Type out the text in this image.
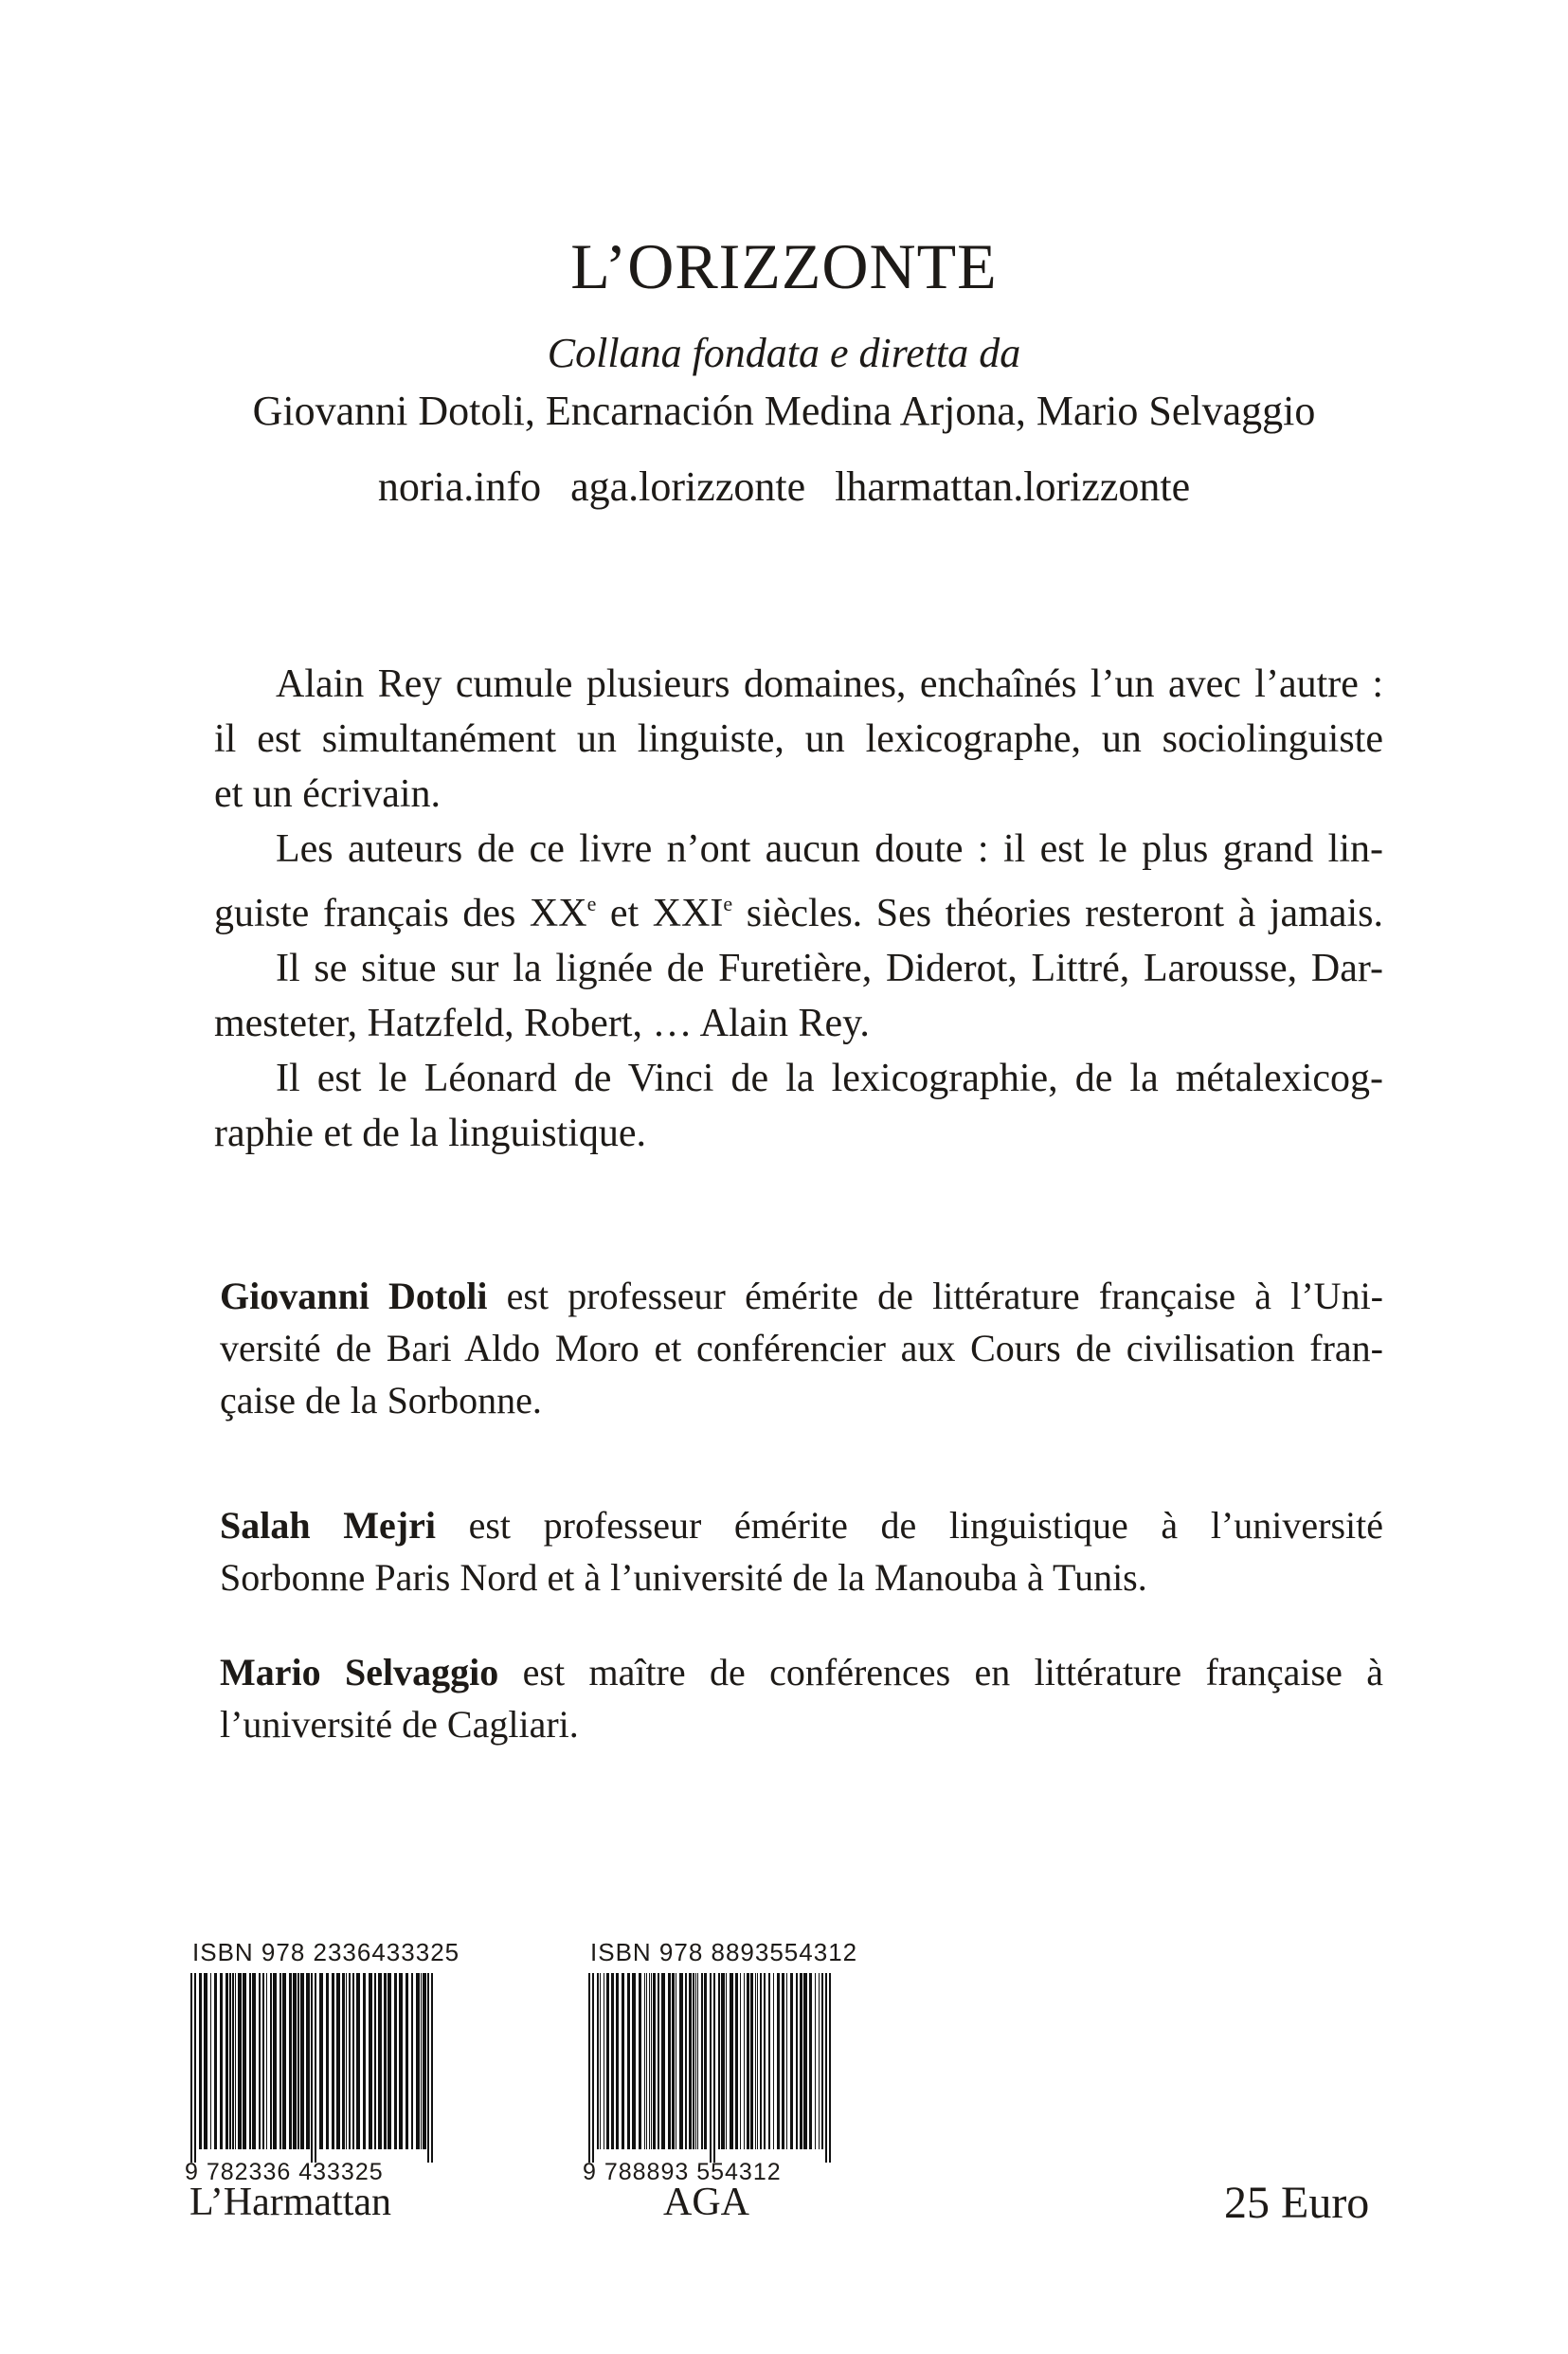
L’ORIZZONTE
Collana fondata e diretta da
Giovanni Dotoli, Encarnación Medina Arjona, Mario Selvaggio
noria.info aga.lorizzonte lharmattan.lorizzonte

Alain Rey cumule plusieurs domaines, enchaînés l’un avec l’autre :

il est simultanément un linguiste, un lexicographe, un sociolinguiste
et un écrivain.

Les auteurs de ce livre n’ont aucun doute : il est le plus grand lin-

guiste français des XXe et XXIe siècles. Ses théories resteront à jamais.

Il se situe sur la lignée de Furetière, Diderot, Littré, Larousse, Dar-

mesteter, Hatzfeld, Robert, … Alain Rey.

Il est le Léonard de Vinci de la lexicographie, de la métalexicog-

raphie et de la linguistique.

Giovanni Dotoli est professeur émérite de littérature française à l’Uni-
versité de Bari Aldo Moro et conférencier aux Cours de civilisation fran-
çaise de la Sorbonne.
Salah Mejri est professeur émérite de linguistique à l’université
Sorbonne Paris Nord et à l’université de la Manouba à Tunis.
Mario Selvaggio est maître de conférences en littérature française à
l’université de Cagliari.
ISBN 978 2336433325
9 782336 433325
ISBN 978 8893554312
9 788893 554312
L’Harmattan	AGA	25 Euro
